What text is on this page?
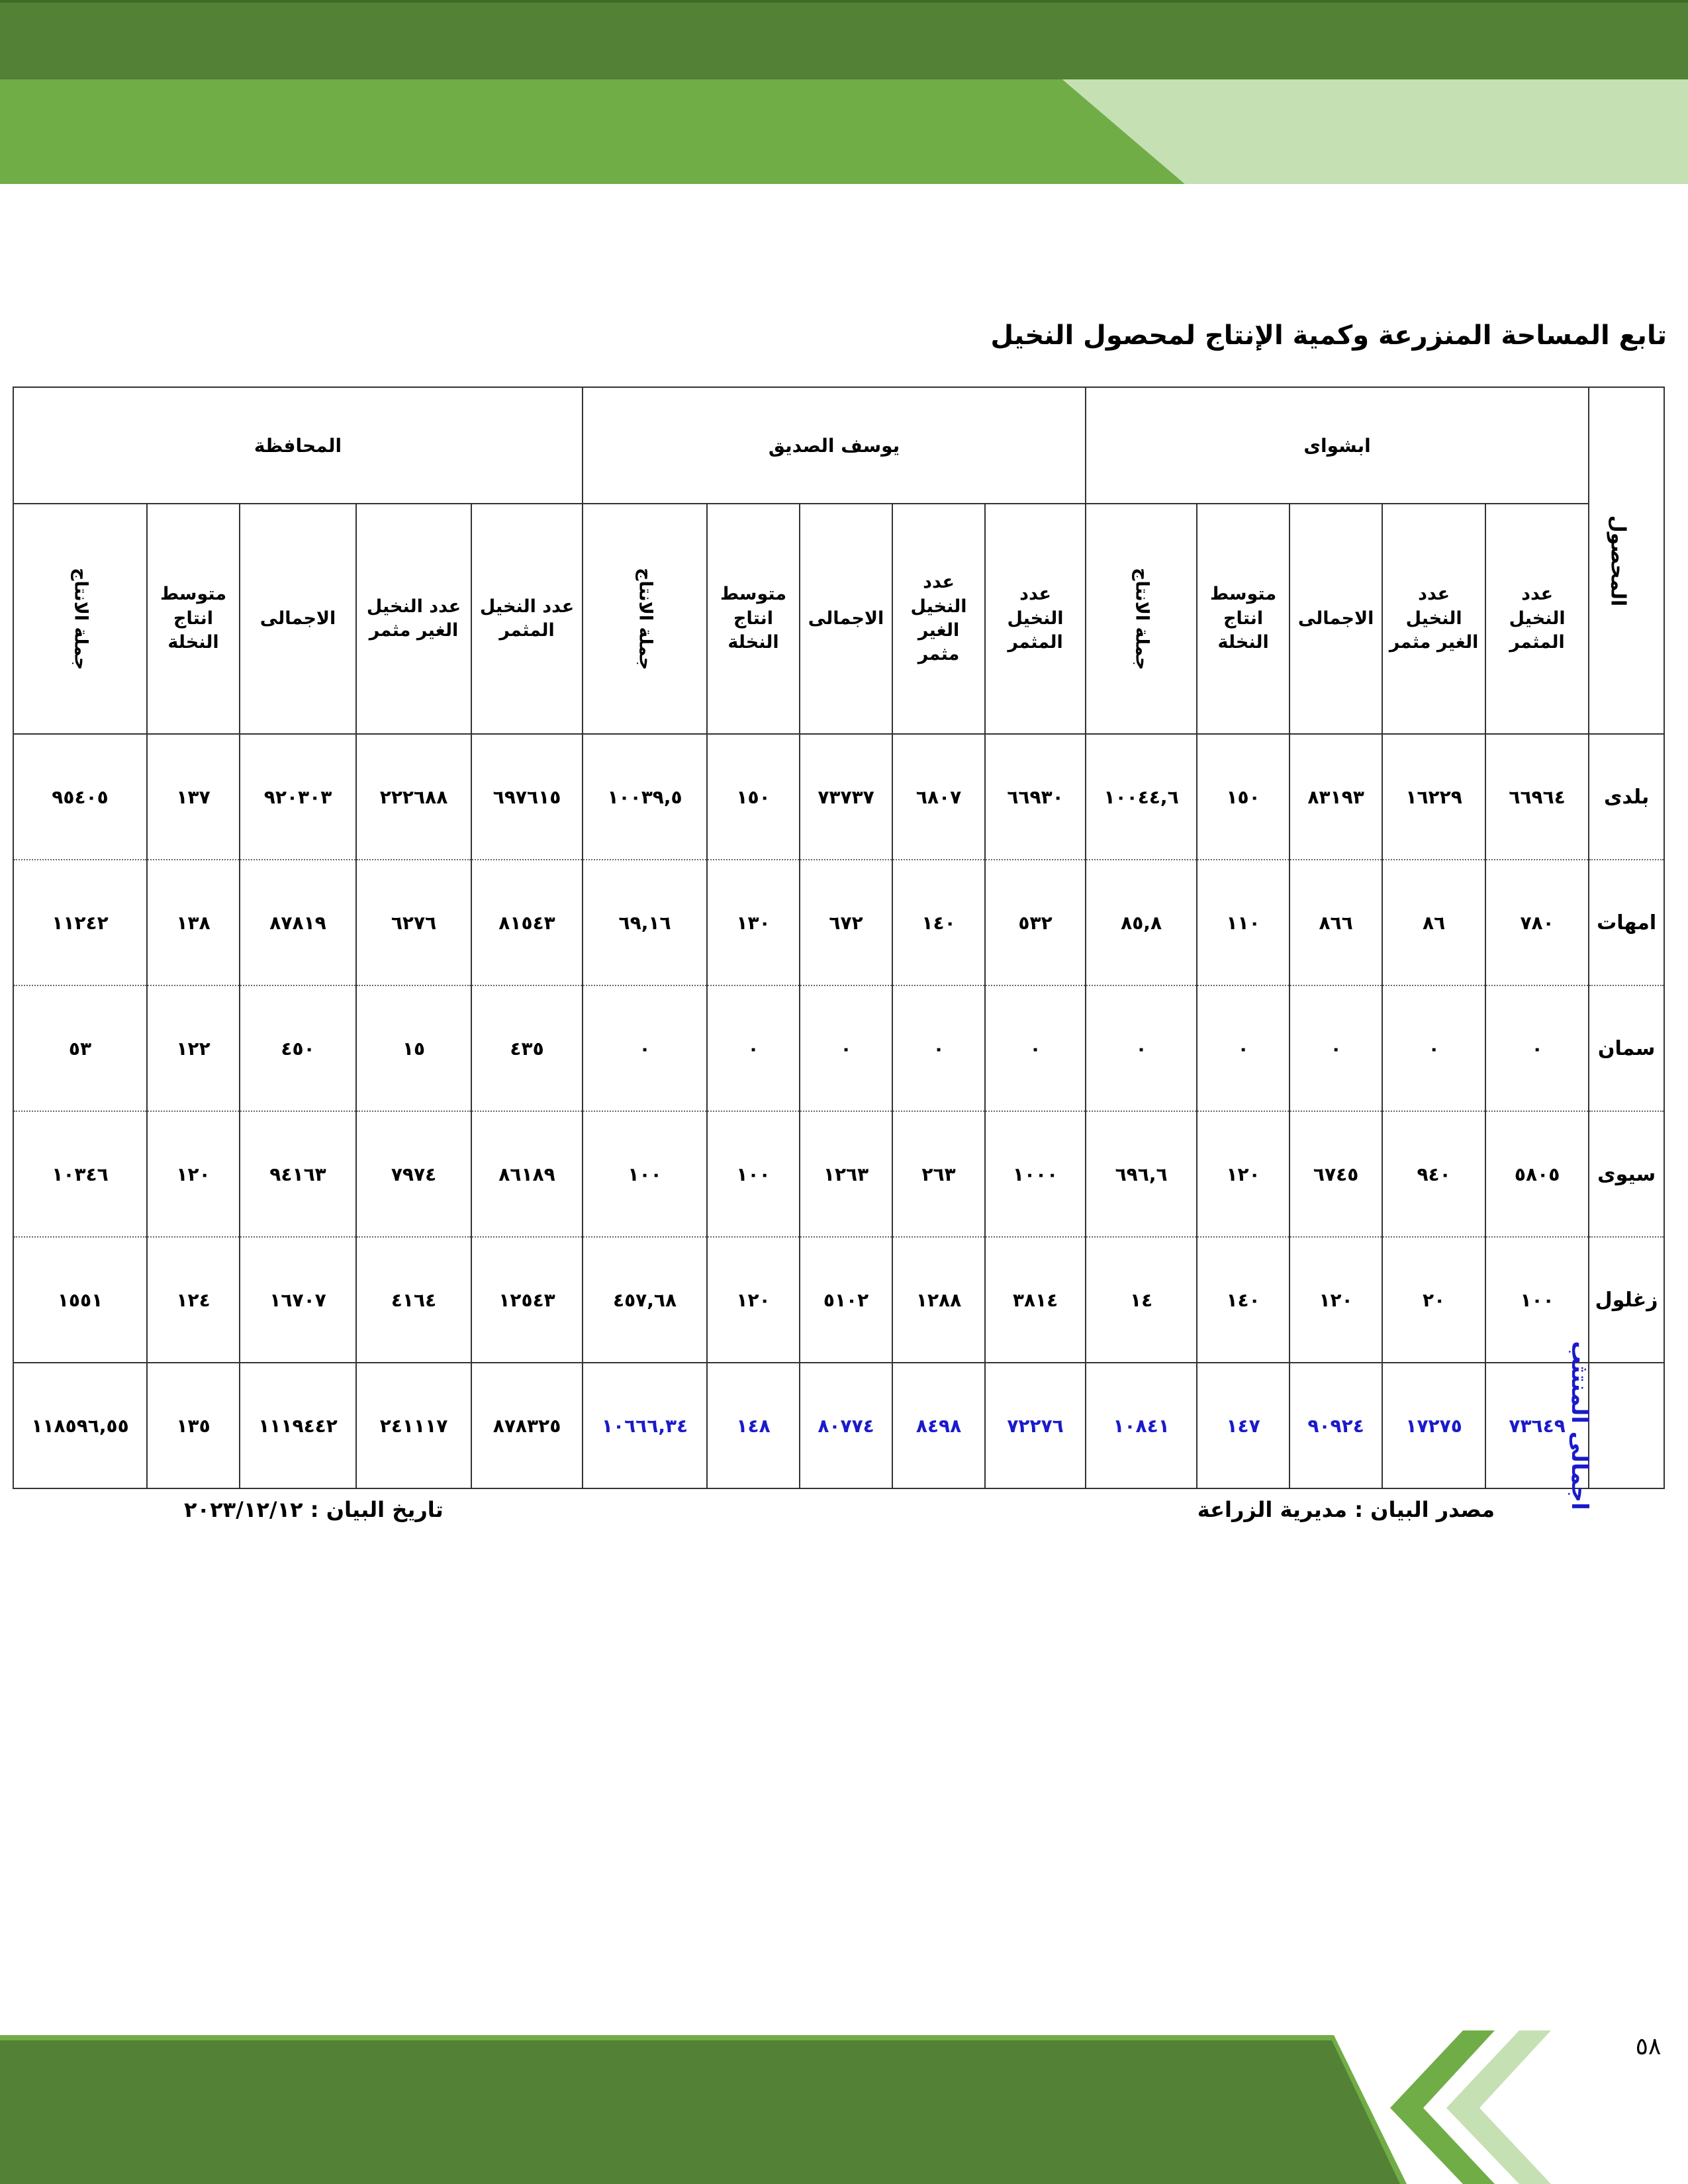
تابع المساحة المنزرعة وكمية الإنتاج لمحصول النخيل
المحصول	ابشواى					يوسف الصديق					المحافظة				
	عدد
النخيل
المثمر	عدد
النخيل
الغير مثمر	الاجمالى	متوسط
انتاج
النخلة	جملة الانتاج	عدد
النخيل
المثمر	عدد
النخيل
الغير
مثمر	الاجمالى	متوسط
انتاج
النخلة	جملة الانتاج	عدد النخيل
المثمر	عدد النخيل
الغير مثمر	الاجمالى	متوسط
انتاج
النخلة	جملة الانتاج
بلدى	٦٦٩٦٤	١٦٢٢٩	٨٣١٩٣	١٥٠	١٠٠٤٤,٦	٦٦٩٣٠	٦٨٠٧	٧٣٧٣٧	١٥٠	١٠٠٣٩,٥	٦٩٧٦١٥	٢٢٢٦٨٨	٩٢٠٣٠٣	١٣٧	٩٥٤٠٥
امهات	٧٨٠	٨٦	٨٦٦	١١٠	٨٥,٨	٥٣٢	١٤٠	٦٧٢	١٣٠	٦٩,١٦	٨١٥٤٣	٦٢٧٦	٨٧٨١٩	١٣٨	١١٢٤٢
سمان	٠	٠	٠	٠	٠	٠	٠	٠	٠	٠	٤٣٥	١٥	٤٥٠	١٢٢	٥٣
سيوى	٥٨٠٥	٩٤٠	٦٧٤٥	١٢٠	٦٩٦,٦	١٠٠٠	٢٦٣	١٢٦٣	١٠٠	١٠٠	٨٦١٨٩	٧٩٧٤	٩٤١٦٣	١٢٠	١٠٣٤٦
زغلول	١٠٠	٢٠	١٢٠	١٤٠	١٤	٣٨١٤	١٢٨٨	٥١٠٢	١٢٠	٤٥٧,٦٨	١٢٥٤٣	٤١٦٤	١٦٧٠٧	١٢٤	١٥٥١
اجمالى المنتثب	٧٣٦٤٩	١٧٢٧٥	٩٠٩٢٤	١٤٧	١٠٨٤١	٧٢٢٧٦	٨٤٩٨	٨٠٧٧٤	١٤٨	١٠٦٦٦,٣٤	٨٧٨٣٢٥	٢٤١١١٧	١١١٩٤٤٢	١٣٥	١١٨٥٩٦,٥٥
مصدر البيان : مديرية الزراعة
تاريخ البيان : ٢٠٢٣/١٢/١٢
٥٨
